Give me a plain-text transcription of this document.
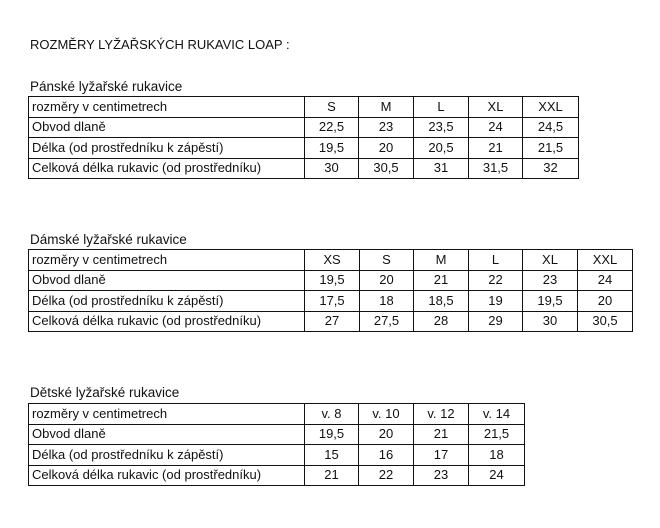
ROZMĚRY LYŽAŘSKÝCH RUKAVIC LOAP :
Pánské lyžařské rukavice
rozměry v centimetrech	S	M	L	XL	XXL
Obvod dlaně	22,5	23	23,5	24	24,5
Délka (od prostředníku k zápěstí)	19,5	20	20,5	21	21,5
Celková délka rukavic (od prostředníku)	30	30,5	31	31,5	32
Dámské lyžařské rukavice
rozměry v centimetrech	XS	S	M	L	XL	XXL
Obvod dlaně	19,5	20	21	22	23	24
Délka (od prostředníku k zápěstí)	17,5	18	18,5	19	19,5	20
Celková délka rukavic (od prostředníku)	27	27,5	28	29	30	30,5
Dětské lyžařské rukavice
rozměry v centimetrech	v. 8	v. 10	v. 12	v. 14
Obvod dlaně	19,5	20	21	21,5
Délka (od prostředníku k zápěstí)	15	16	17	18
Celková délka rukavic (od prostředníku)	21	22	23	24
